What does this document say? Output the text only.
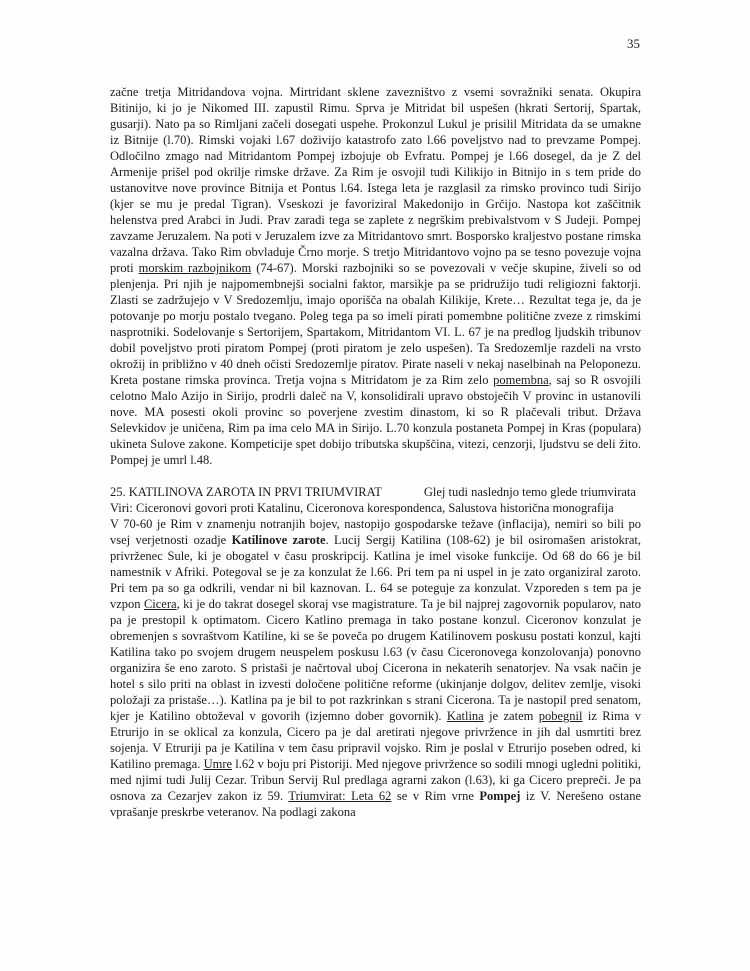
35

začne tretja Mitridandova vojna. Mirtridant sklene zavezništvo z vsemi sovražniki senata. Okupira Bitinijo, ki jo je Nikomed III. zapustil Rimu. Sprva je Mitridat bil uspešen (hkrati Sertorij, Spartak, gusarji). Nato pa so Rimljani začeli dosegati uspehe. Prokonzul Lukul je prisilil Mitridata da se umakne iz Bitnije (l.70). Rimski vojaki l.67 doživijo katastrofo zato l.66 poveljstvo nad to prevzame Pompej. Odločilno zmago nad Mitridantom Pompej izbojuje ob Evfratu. Pompej je l.66 dosegel, da je Z del Armenije prišel pod okrilje rimske države. Za Rim je osvojil tudi Kilikijo in Bitnijo in s tem pride do ustanovitve nove province Bitnija et Pontus l.64. Istega leta je razglasil za rimsko provinco tudi Sirijo (kjer se mu je predal Tigran). Vseskozi je favoriziral Makedonijo in Grčijo. Nastopa kot zaščitnik helenstva pred Arabci in Judi. Prav zaradi tega se zaplete z negrškim prebivalstvom v S Judeji. Pompej zavzame Jeruzalem. Na poti v Jeruzalem izve za Mitridantovo smrt. Bosporsko kraljestvo postane rimska vazalna država. Tako Rim obvladuje Črno morje. S tretjo Mitridantovo vojno pa se tesno povezuje vojna proti morskim razbojnikom (74-67). Morski razbojniki so se povezovali v večje skupine, živeli so od plenjenja. Pri njih je najpomembnejši socialni faktor, marsikje pa se pridružijo tudi religiozni faktorji. Zlasti se zadržujejo v V Sredozemlju, imajo oporišča na obalah Kilikije, Krete… Rezultat tega je, da je potovanje po morju postalo tvegano. Poleg tega pa so imeli pirati pomembne politične zveze z rimskimi nasprotniki. Sodelovanje s Sertorijem, Spartakom, Mitridantom VI. L. 67 je na predlog ljudskih tribunov dobil poveljstvo proti piratom Pompej (proti piratom je zelo uspešen). Ta Sredozemlje razdeli na vrsto okrožij in približno v 40 dneh očisti Sredozemlje piratov. Pirate naseli v nekaj naselbinah na Peloponezu. Kreta postane rimska provinca. Tretja vojna s Mitridatom je za Rim zelo pomembna, saj so R osvojili celotno Malo Azijo in Sirijo, prodrli daleč na V, konsolidirali upravo obstoječih V provinc in ustanovili nove. MA posesti okoli provinc so poverjene zvestim dinastom, ki so R plačevali tribut. Država Selevkidov je uničena, Rim pa ima celo MA in Sirijo. L.70 konzula postaneta Pompej in Kras (populara) ukineta Sulove zakone. Kompeticije spet dobijo tributska skupščina, vitezi, cenzorji, ljudstvu se deli žito. Pompej je umrl l.48.

25. KATILINOVA ZAROTA IN PRVI TRIUMVIRAT	Glej tudi naslednjo temo glede triumvirata

Viri: Ciceronovi govori proti Katalinu, Ciceronova korespondenca, Salustova historična monografija

V 70-60 je Rim v znamenju notranjih bojev, nastopijo gospodarske težave (inflacija), nemiri so bili po vsej verjetnosti ozadje Katilinove zarote. Lucij Sergij Katilina (108-62) je bil osiromašen aristokrat, privrženec Sule, ki je obogatel v času proskripcij. Katlina je imel visoke funkcije. Od 68 do 66 je bil namestnik v Afriki. Potegoval se je za konzulat že l.66. Pri tem pa ni uspel in je zato organiziral zaroto. Pri tem pa so ga odkrili, vendar ni bil kaznovan. L. 64 se poteguje za konzulat. Vzporeden s tem pa je vzpon Cicera, ki je do takrat dosegel skoraj vse magistrature. Ta je bil najprej zagovornik popularov, nato pa je prestopil k optimatom. Cicero Katlino premaga in tako postane konzul. Ciceronov konzulat je obremenjen s sovraštvom Katiline, ki se še poveča po drugem Katilinovem poskusu postati konzul, kajti Katilina tako po svojem drugem neuspelem poskusu l.63 (v času Ciceronovega konzolovanja) ponovno organizira še eno zaroto. S pristaši je načrtoval uboj Cicerona in nekaterih senatorjev. Na vsak način je hotel s silo priti na oblast in izvesti določene politične reforme (ukinjanje dolgov, delitev zemlje, visoki položaji za pristaše…). Katlina pa je bil to pot razkrinkan s strani Cicerona. Ta je nastopil pred senatom, kjer je Katilino obtoževal v govorih (izjemno dober govornik). Katlina je zatem pobegnil iz Rima v Etrurijo in se oklical za konzula, Cicero pa je dal aretirati njegove privržence in jih dal usmrtiti brez sojenja. V Etruriji pa je Katilina v tem času pripravil vojsko. Rim je poslal v Etrurijo poseben odred, ki Katilino premaga. Umre l.62 v boju pri Pistoriji. Med njegove privržence so sodili mnogi ugledni politiki, med njimi tudi Julij Cezar. Tribun Servij Rul predlaga agrarni zakon (l.63), ki ga Cicero prepreči. Je pa osnova za Cezarjev zakon iz 59. Triumvirat: Leta 62 se v Rim vrne Pompej iz V. Nerešeno ostane vprašanje preskrbe veteranov. Na podlagi zakona
